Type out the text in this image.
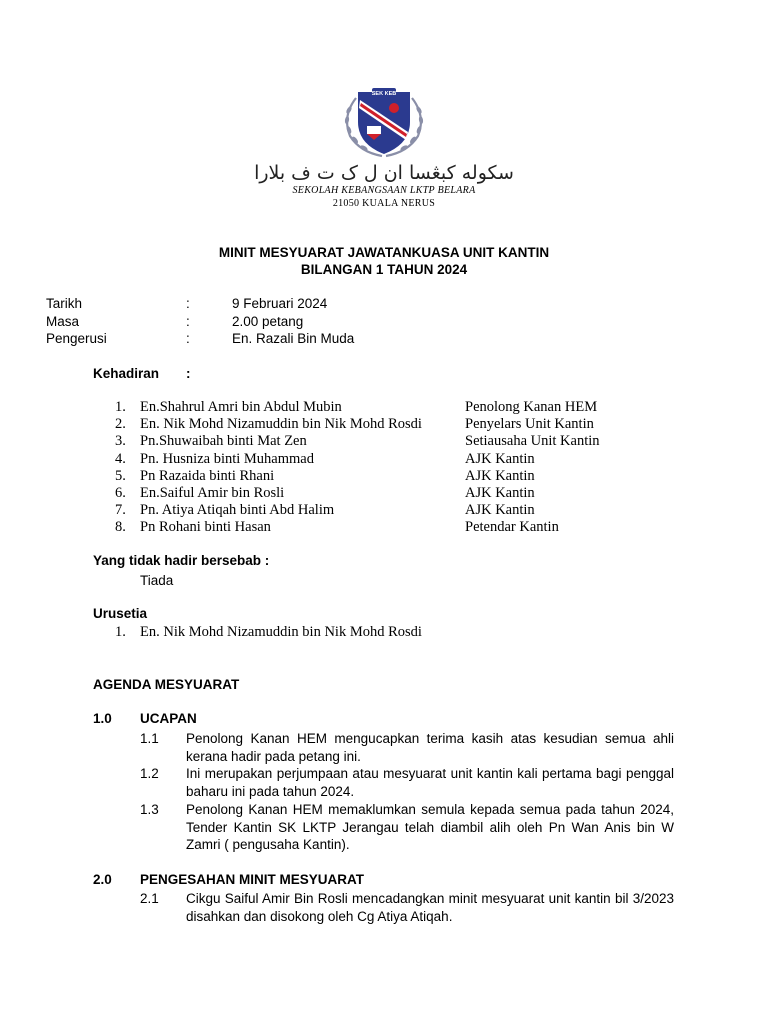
SEK KEB
سکوله کبڠسا ان ل ک ت ف بلارا
SEKOLAH KEBANGSAAN LKTP BELARA
21050 KUALA NERUS
MINIT MESYUARAT JAWATANKUASA UNIT KANTIN
BILANGAN 1 TAHUN 2024
Tarikh	:	9 Februari 2024
Masa	:	2.00 petang
Pengerusi	:	En. Razali Bin Muda
Kehadiran :
1. En.Shahrul Amri bin Abdul Mubin	Penolong Kanan HEM
2. En. Nik Mohd Nizamuddin bin Nik Mohd Rosdi	Penyelars Unit Kantin
3. Pn.Shuwaibah binti Mat Zen	Setiausaha Unit Kantin
4. Pn. Husniza binti Muhammad	AJK Kantin
5. Pn Razaida binti Rhani	AJK Kantin
6. En.Saiful Amir bin Rosli	AJK Kantin
7. Pn. Atiya Atiqah binti Abd Halim	AJK Kantin
8. Pn Rohani binti Hasan	Petendar Kantin
Yang tidak hadir bersebab :
Tiada
Urusetia
1. En. Nik Mohd Nizamuddin bin Nik Mohd Rosdi
AGENDA MESYUARAT
1.0 UCAPAN
1.1 Penolong Kanan HEM mengucapkan terima kasih atas kesudian semua ahli kerana hadir pada petang ini.
1.2 Ini merupakan perjumpaan atau mesyuarat unit kantin kali pertama bagi penggal baharu ini pada tahun 2024.
1.3 Penolong Kanan HEM memaklumkan semula kepada semua pada tahun 2024, Tender Kantin SK LKTP Jerangau telah diambil alih oleh Pn Wan Anis bin W Zamri ( pengusaha Kantin).
2.0 PENGESAHAN MINIT MESYUARAT
2.1 Cikgu Saiful Amir Bin Rosli mencadangkan minit mesyuarat unit kantin bil 3/2023 disahkan dan disokong oleh Cg Atiya Atiqah.
